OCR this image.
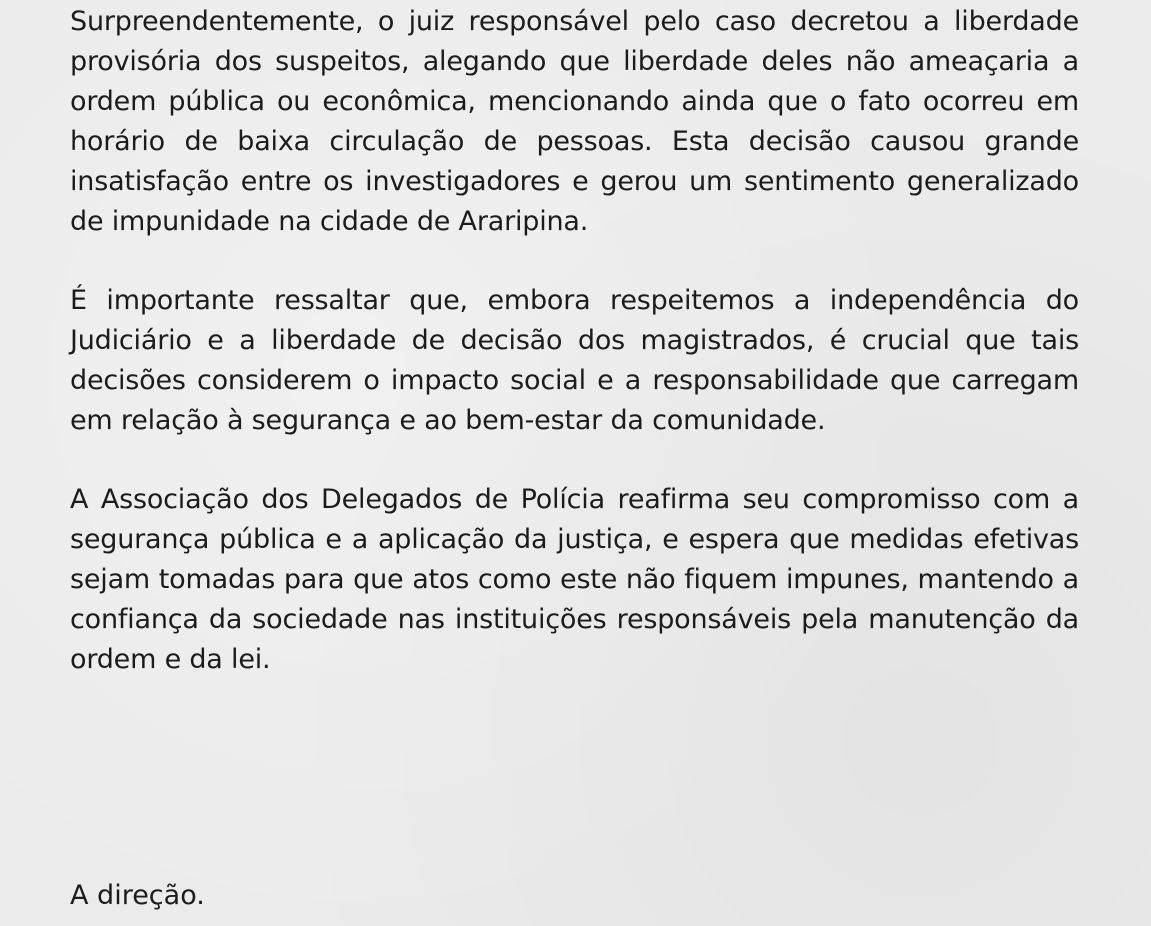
Surpreendentemente, o juiz responsável pelo caso decretou a liberdade provisória dos suspeitos, alegando que liberdade deles não ameaçaria a ordem pública ou econômica, mencionando ainda que o fato ocorreu em horário de baixa circulação de pessoas. Esta decisão causou grande insatisfação entre os investigadores e gerou um sentimento generalizado de impunidade na cidade de Araripina.

É importante ressaltar que, embora respeitemos a independência do Judiciário e a liberdade de decisão dos magistrados, é crucial que tais decisões considerem o impacto social e a responsabilidade que carregam em relação à segurança e ao bem-estar da comunidade.

A Associação dos Delegados de Polícia reafirma seu compromisso com a segurança pública e a aplicação da justiça, e espera que medidas efetivas sejam tomadas para que atos como este não fiquem impunes, mantendo a confiança da sociedade nas instituições responsáveis pela manutenção da ordem e da lei.

A direção.
